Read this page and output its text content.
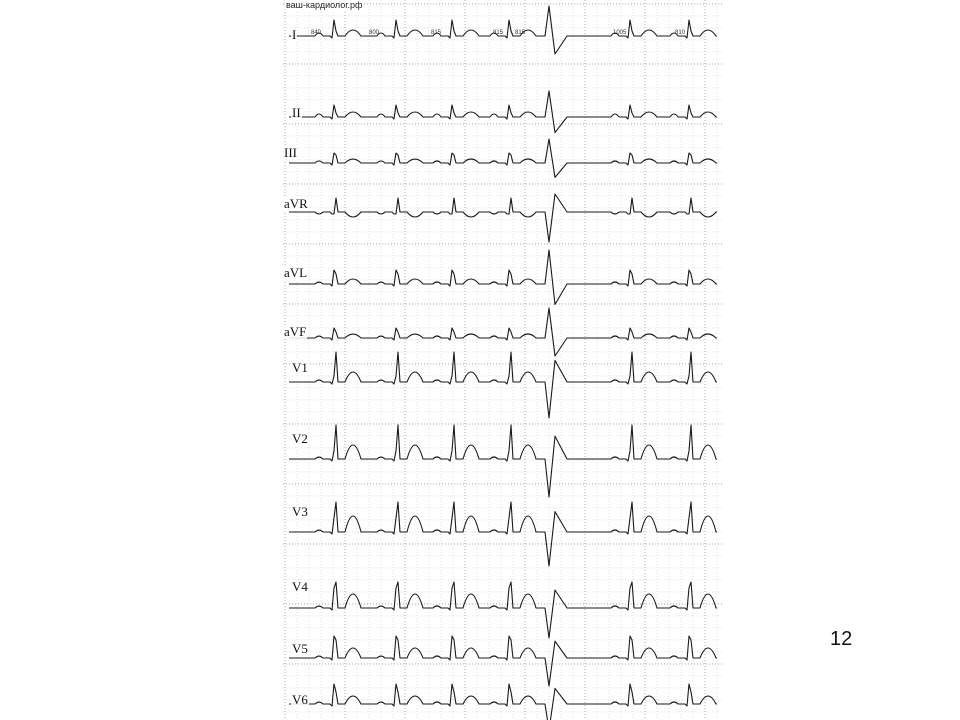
ваш-кардиолог.рф
I
II
III
aVR
aVL
aVF
V1
V2
V3
V4
V5
V6
840	800	815	815 815	1005	810
12
